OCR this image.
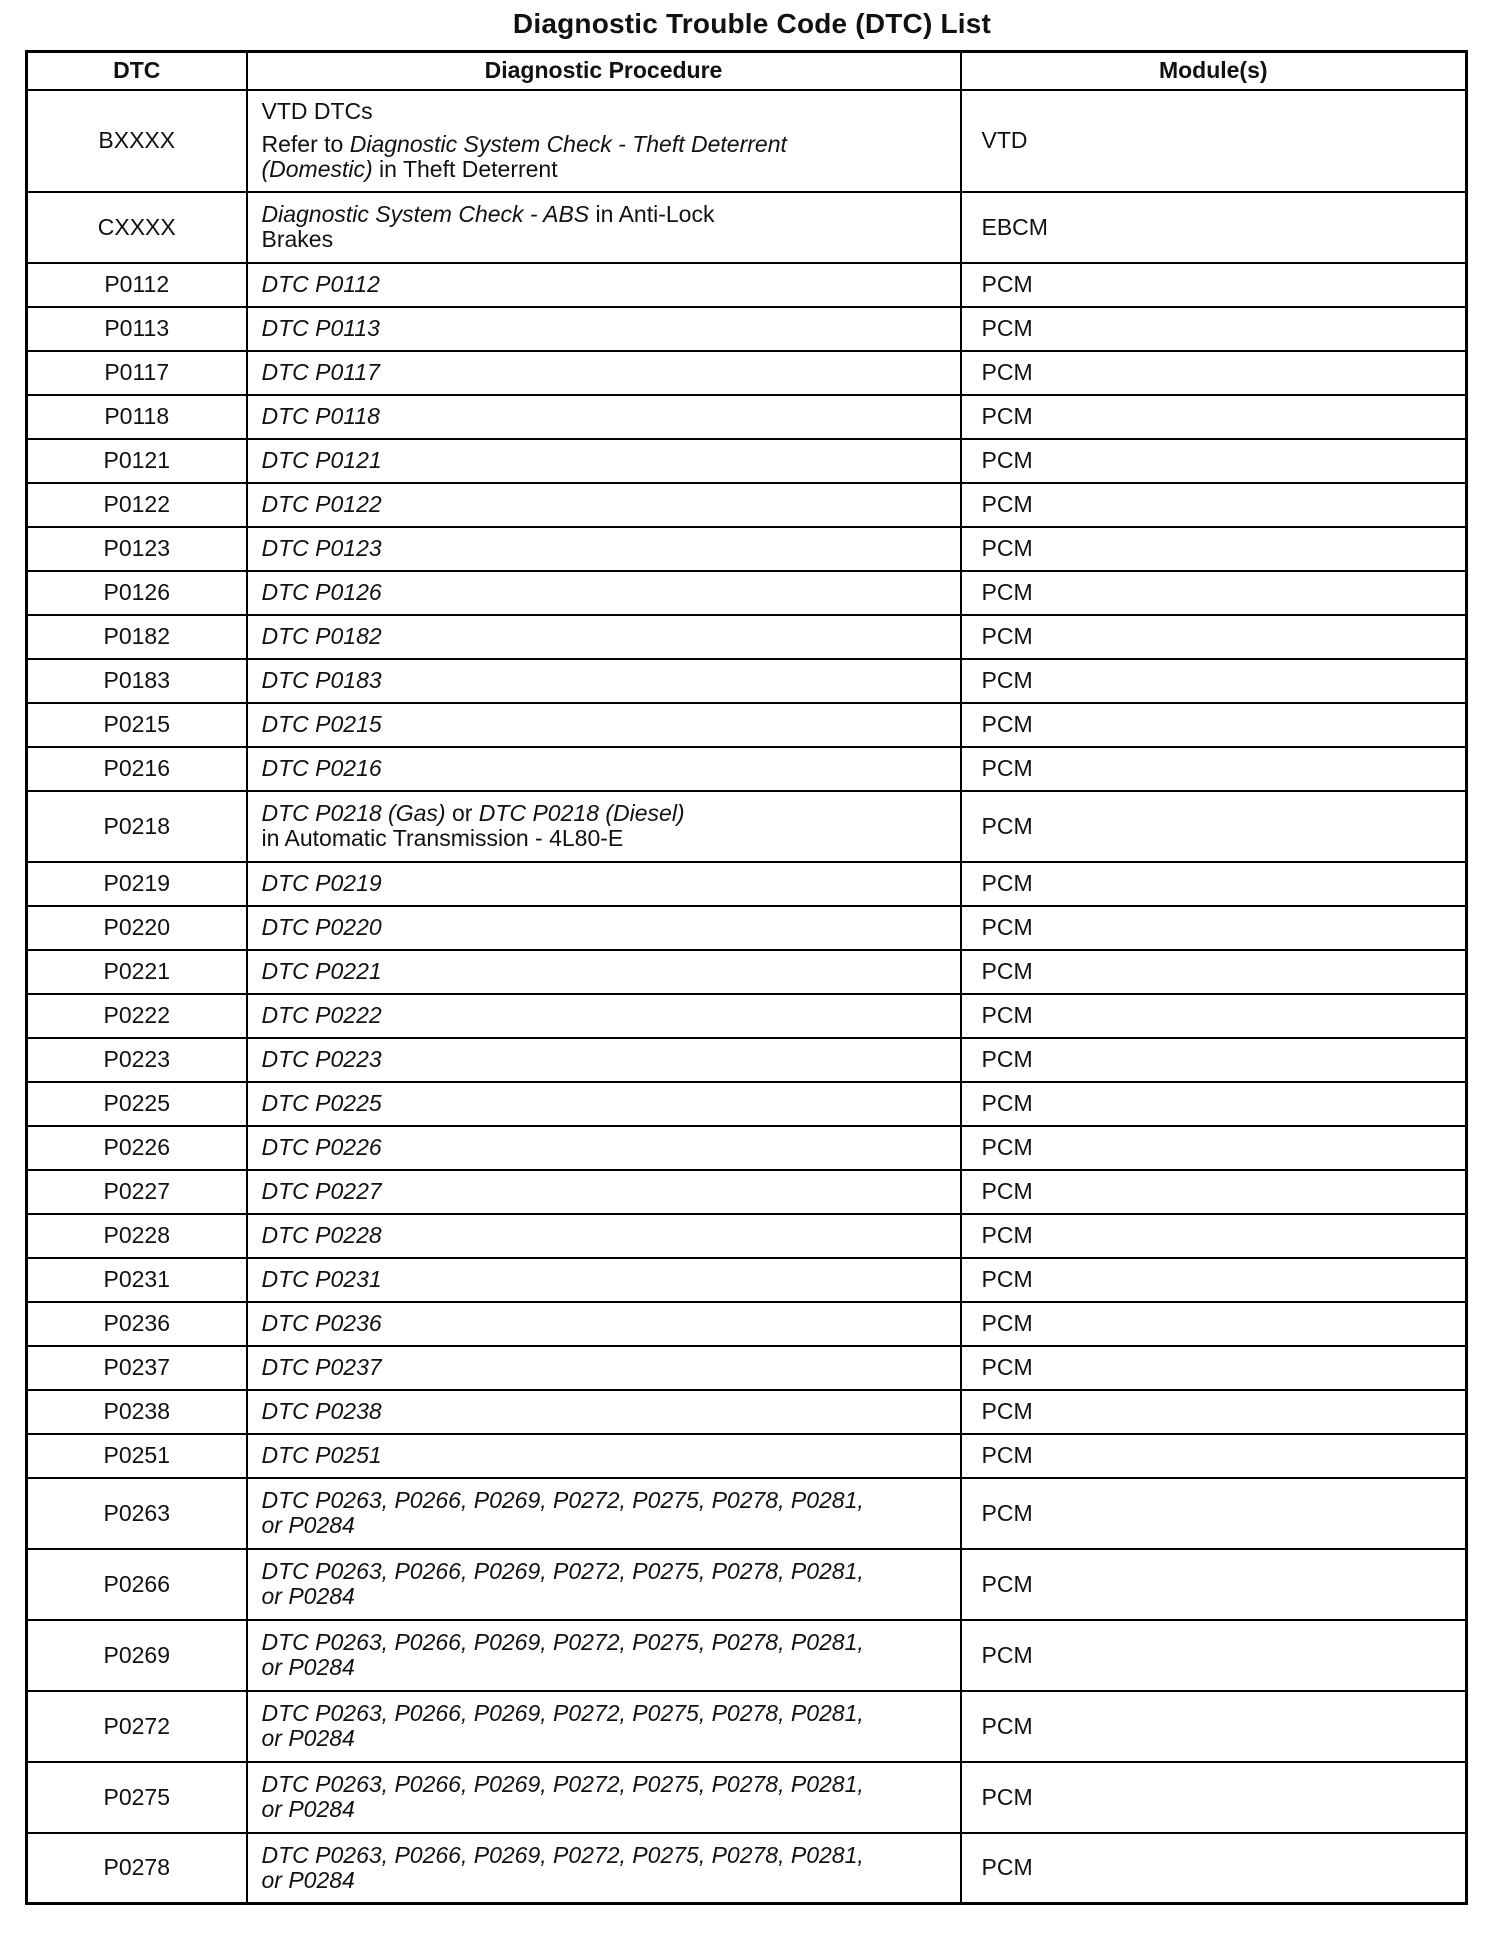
Diagnostic Trouble Code (DTC) List
DTC	Diagnostic Procedure	Module(s)
BXXXX	VTD DTCs
Refer to Diagnostic System Check - Theft Deterrent
(Domestic) in Theft Deterrent	VTD
CXXXX	Diagnostic System Check - ABS in Anti-Lock
Brakes	EBCM
P0112	DTC P0112	PCM
P0113	DTC P0113	PCM
P0117	DTC P0117	PCM
P0118	DTC P0118	PCM
P0121	DTC P0121	PCM
P0122	DTC P0122	PCM
P0123	DTC P0123	PCM
P0126	DTC P0126	PCM
P0182	DTC P0182	PCM
P0183	DTC P0183	PCM
P0215	DTC P0215	PCM
P0216	DTC P0216	PCM
P0218	DTC P0218 (Gas) or DTC P0218 (Diesel)
in Automatic Transmission - 4L80-E	PCM
P0219	DTC P0219	PCM
P0220	DTC P0220	PCM
P0221	DTC P0221	PCM
P0222	DTC P0222	PCM
P0223	DTC P0223	PCM
P0225	DTC P0225	PCM
P0226	DTC P0226	PCM
P0227	DTC P0227	PCM
P0228	DTC P0228	PCM
P0231	DTC P0231	PCM
P0236	DTC P0236	PCM
P0237	DTC P0237	PCM
P0238	DTC P0238	PCM
P0251	DTC P0251	PCM
P0263	DTC P0263, P0266, P0269, P0272, P0275, P0278, P0281,
or P0284	PCM
P0266	DTC P0263, P0266, P0269, P0272, P0275, P0278, P0281,
or P0284	PCM
P0269	DTC P0263, P0266, P0269, P0272, P0275, P0278, P0281,
or P0284	PCM
P0272	DTC P0263, P0266, P0269, P0272, P0275, P0278, P0281,
or P0284	PCM
P0275	DTC P0263, P0266, P0269, P0272, P0275, P0278, P0281,
or P0284	PCM
P0278	DTC P0263, P0266, P0269, P0272, P0275, P0278, P0281,
or P0284	PCM
